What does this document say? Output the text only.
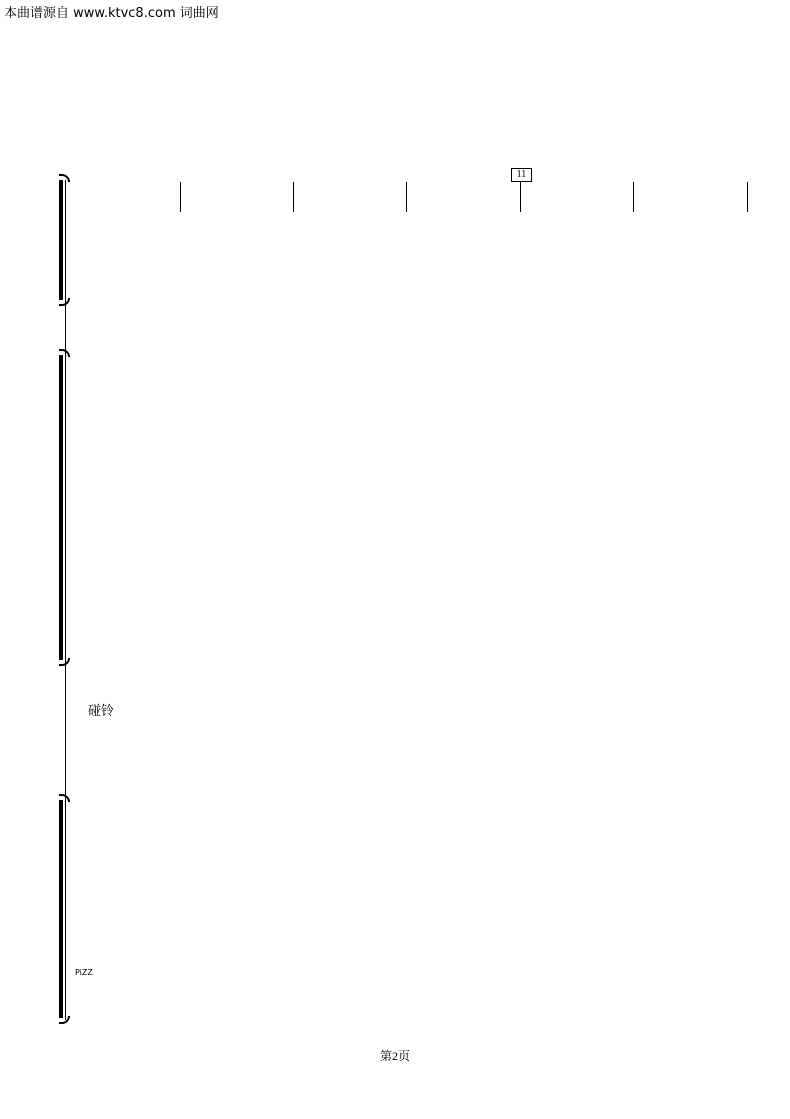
本曲谱源自 www.ktvc8.com 词曲网
11
碰铃
PiZZ
第2页
